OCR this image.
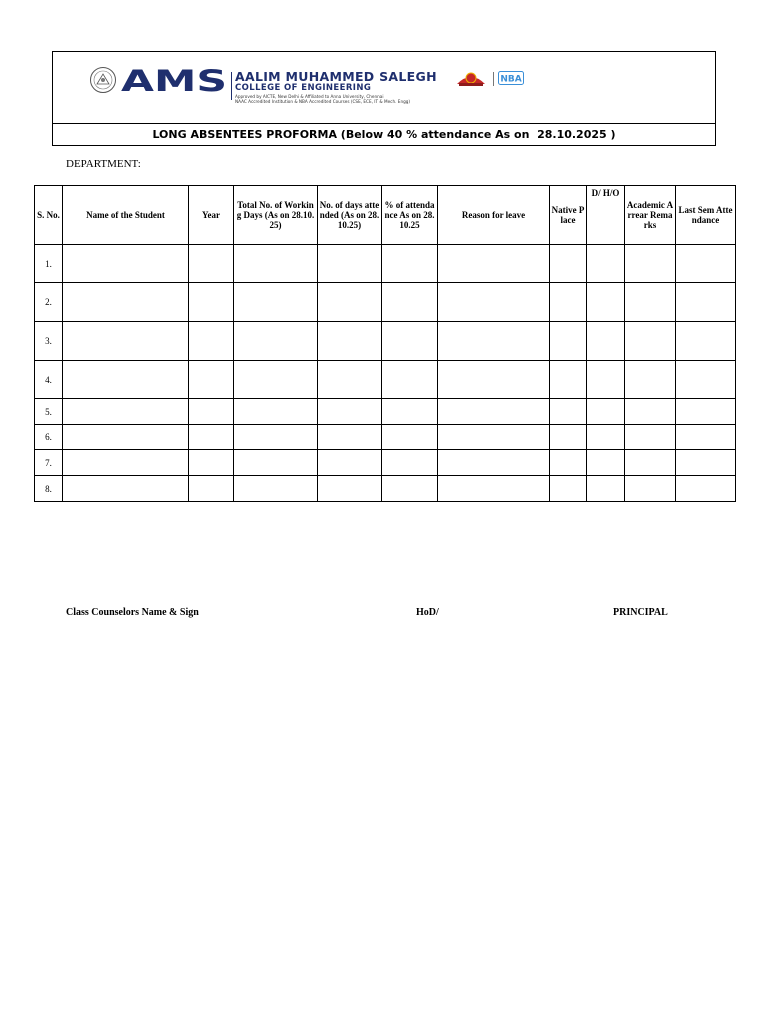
AMS AALIM MUHAMMED SALEGH
COLLEGE OF ENGINEERING
Approved by AICTE, New Delhi & Affiliated to Anna University, Chennai
NAAC Accredited Institution & NBA Accredited Courses (CSE, ECE, IT & Mech. Engg)
NBA
LONG ABSENTEES PROFORMA (Below 40 % attendance As on  28.10.2025 )
DEPARTMENT:
S. No.	Name of the Student	Year	Total No. of Working Days (As on 28.10.25)	No. of days attended (As on 28.10.25)	% of attendance As on 28.10.25	Reason for leave	Native Place	D/ H/O	Academic Arrear Remarks	Last Sem Attendance
1.										
2.										
3.										
4.										
5.										
6.										
7.										
8.										
Class Counselors Name & Sign	HoD/	PRINCIPAL
